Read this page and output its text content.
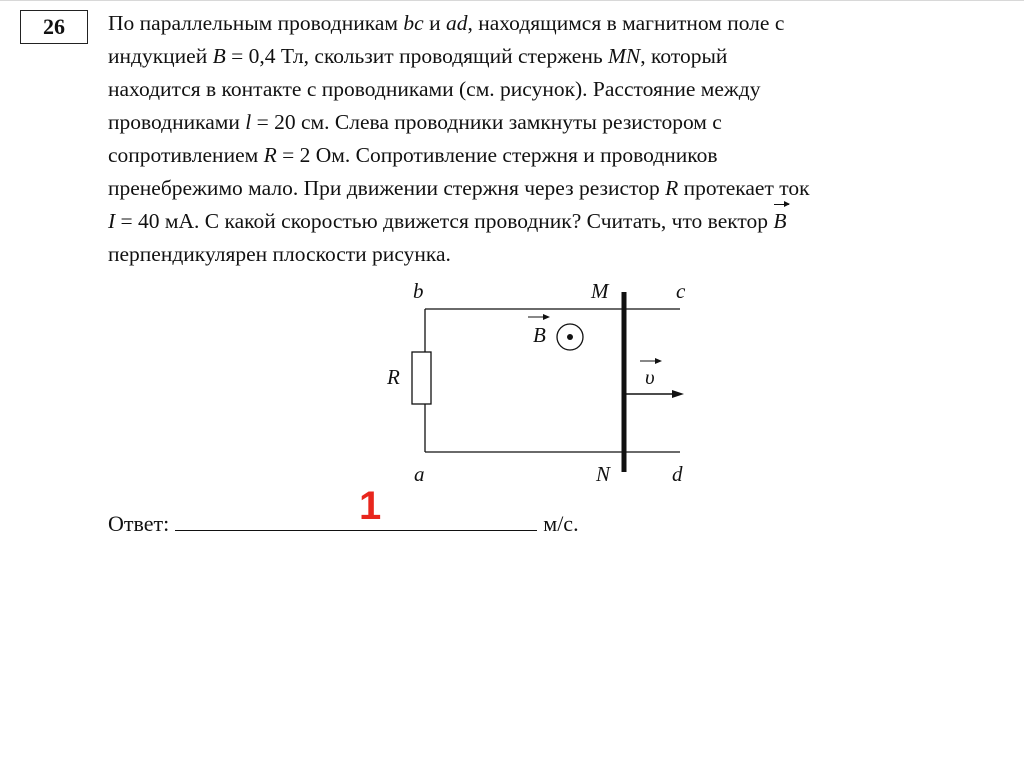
26	По параллельным проводникам bc и ad, находящимся в магнитном поле с

индукцией B = 0,4 Тл, скользит проводящий стержень MN, который

находится в контакте с проводниками (см. рисунок). Расстояние между

проводниками l = 20 см. Слева проводники замкнуты резистором с

сопротивлением R = 2 Ом. Сопротивление стержня и проводников

пренебрежимо мало. При движении стержня через резистор R протекает ток

I = 40 мА. С какой скоростью движется проводник? Считать, что вектор B

перпендикулярен плоскости рисунка.

b
a
M
N
c
d
R
B
υ
Ответ:	м/с.
1
